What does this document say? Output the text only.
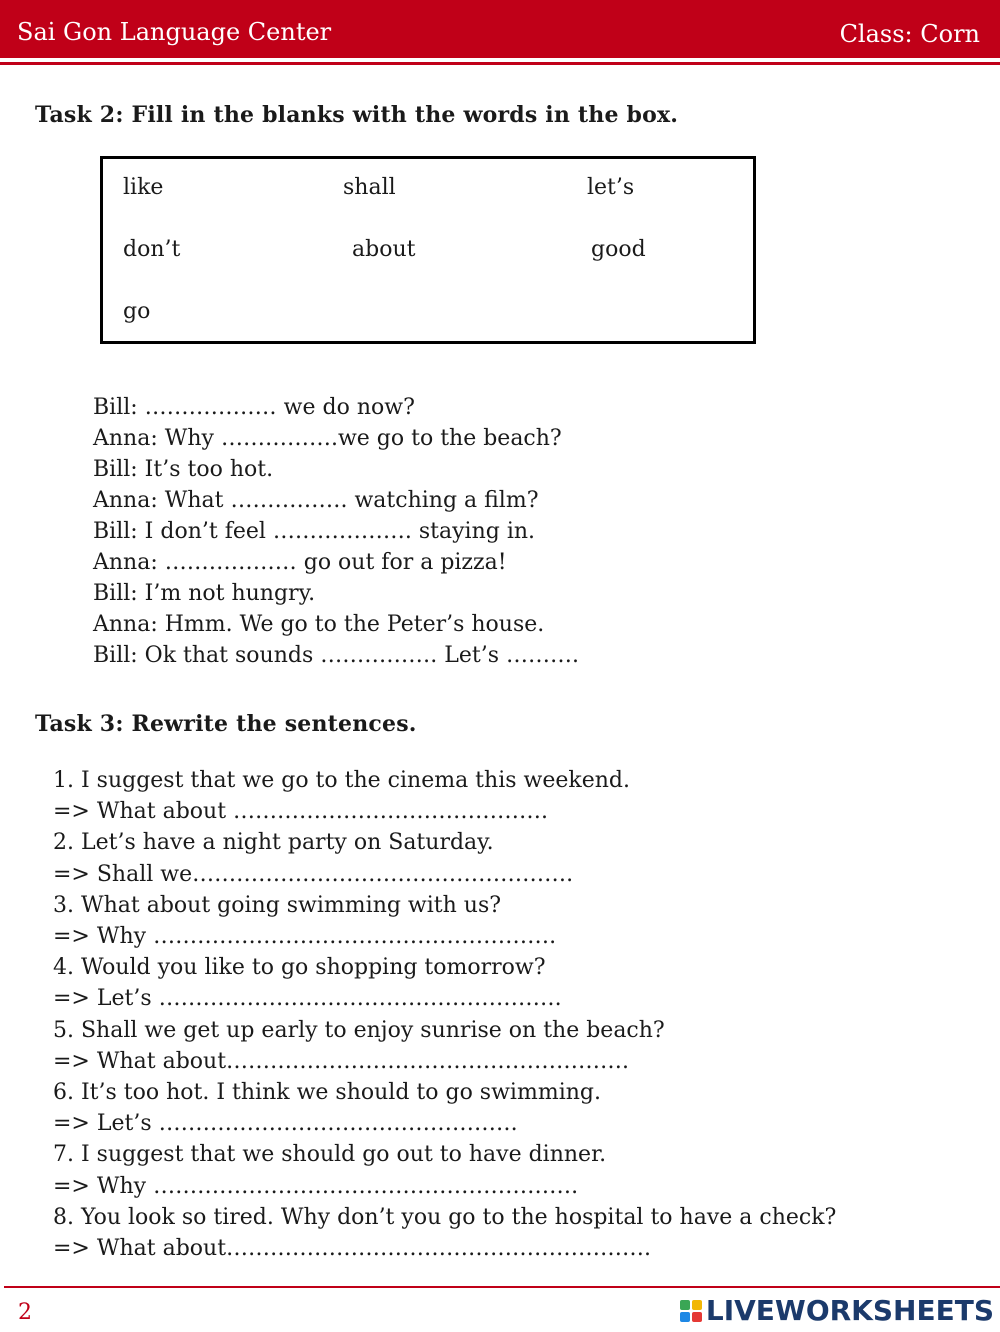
Sai Gon Language Center	Class: Corn
Task 2: Fill in the blanks with the words in the box.
like	shall	let’s
don’t	about	good
go
Bill: ……………… we do now?
Anna: Why …………….we go to the beach?
Bill: It’s too hot.
Anna: What ……………. watching a film?
Bill: I don’t feel ………………. staying in.
Anna: ……………… go out for a pizza!
Bill: I’m not hungry.
Anna: Hmm. We go to the Peter’s house.
Bill: Ok that sounds ……………. Let’s ……….
Task 3: Rewrite the sentences.
1. I suggest that we go to the cinema this weekend.
=> What about …………………………………….
2. Let’s have a night party on Saturday.
=> Shall we…………………………………………….
3. What about going swimming with us?
=> Why ……………………………………………….
4. Would you like to go shopping tomorrow?
=> Let’s ……………………………………………….
5. Shall we get up early to enjoy sunrise on the beach?
=> What about……………………………………………….
6. It’s too hot. I think we should to go swimming.
=> Let’s ………………………………………….
7. I suggest that we should go out to have dinner.
=> Why ………………………………………………….
8. You look so tired. Why don’t you go to the hospital to have a check?
=> What about………………………………………………….
2	LIVEWORKSHEETS
